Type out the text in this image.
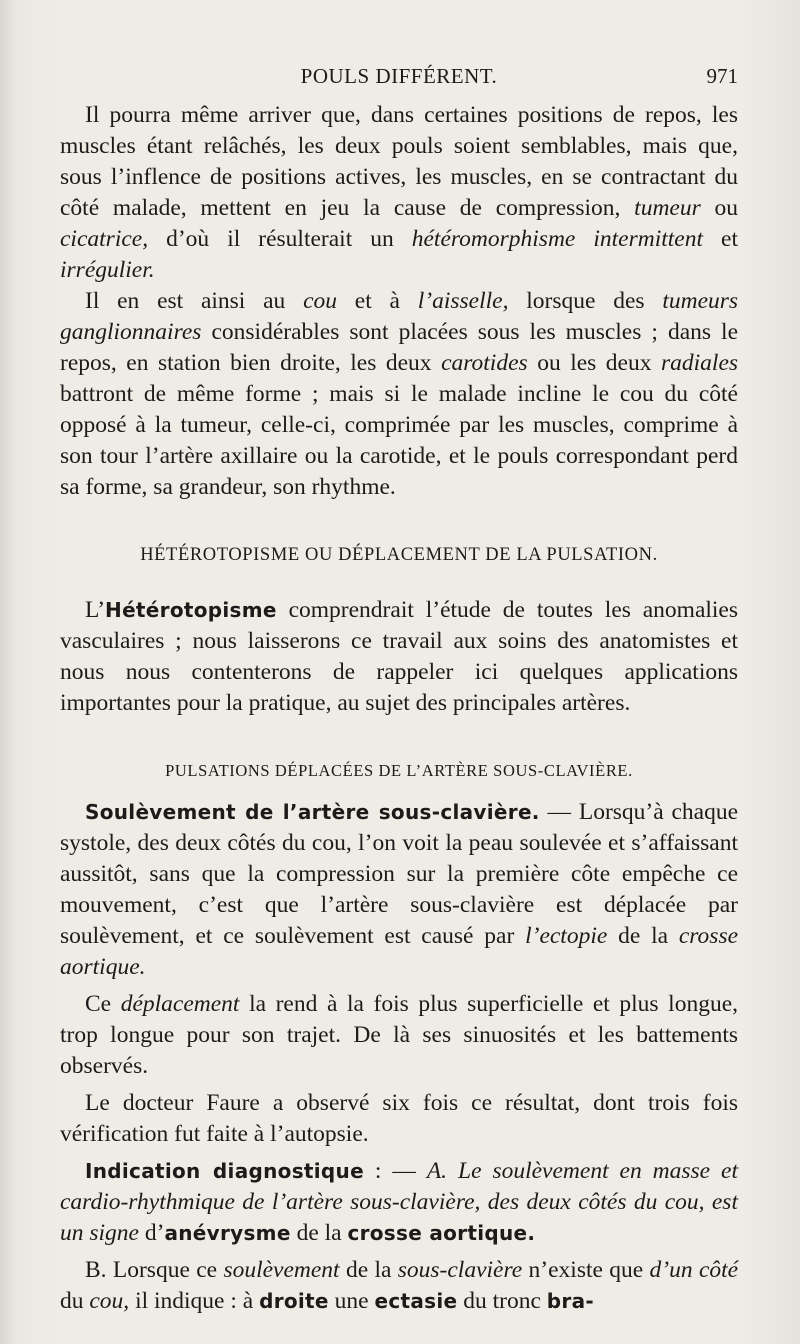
POULS DIFFÉRENT.	971

Il pourra même arriver que, dans certaines positions de repos, les muscles étant relâchés, les deux pouls soient semblables, mais que, sous l’inflence de positions actives, les muscles, en se contractant du côté malade, mettent en jeu la cause de compression, tumeur ou cicatrice, d’où il résulterait un hétéromorphisme intermittent et irrégulier.

Il en est ainsi au cou et à l’aisselle, lorsque des tumeurs ganglionnaires considérables sont placées sous les muscles ; dans le repos, en station bien droite, les deux carotides ou les deux radiales battront de même forme ; mais si le malade incline le cou du côté opposé à la tumeur, celle-ci, comprimée par les muscles, comprime à son tour l’artère axillaire ou la carotide, et le pouls correspondant perd sa forme, sa grandeur, son rhythme.

HÉTÉROTOPISME OU DÉPLACEMENT DE LA PULSATION.

L’Hétérotopisme comprendrait l’étude de toutes les anomalies vasculaires ; nous laisserons ce travail aux soins des anatomistes et nous nous contenterons de rappeler ici quelques applications importantes pour la pratique, au sujet des principales artères.

PULSATIONS DÉPLACÉES DE L’ARTÈRE SOUS-CLAVIÈRE.

Soulèvement de l’artère sous-clavière. — Lorsqu’à chaque systole, des deux côtés du cou, l’on voit la peau soulevée et s’affaissant aussitôt, sans que la compression sur la première côte empêche ce mouvement, c’est que l’artère sous-clavière est déplacée par soulèvement, et ce soulèvement est causé par l’ectopie de la crosse aortique.

Ce déplacement la rend à la fois plus superficielle et plus longue, trop longue pour son trajet. De là ses sinuosités et les battements observés.

Le docteur Faure a observé six fois ce résultat, dont trois fois vérification fut faite à l’autopsie.

Indication diagnostique : — A. Le soulèvement en masse et cardio-rhythmique de l’artère sous-clavière, des deux côtés du cou, est un signe d’anévrysme de la crosse aortique.

B. Lorsque ce soulèvement de la sous-clavière n’existe que d’un côté du cou, il indique : à droite une ectasie du tronc bra-
